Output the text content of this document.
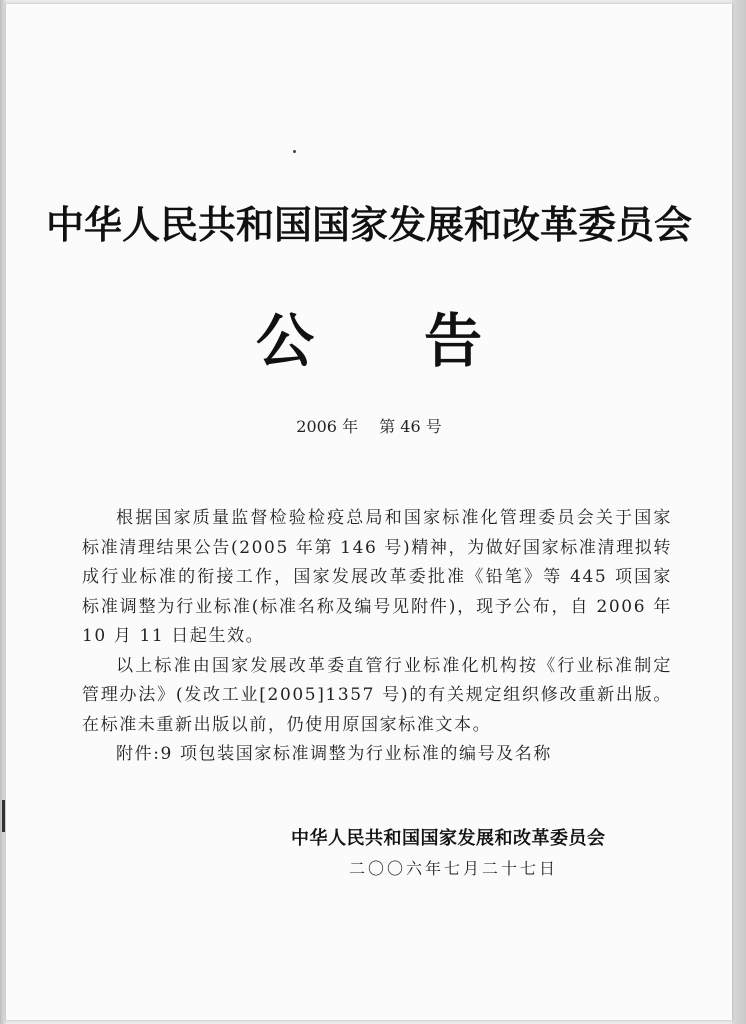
中华人民共和国国家发展和改革委员会
公告
2006 年 第 46 号

根据国家质量监督检验检疫总局和国家标准化管理委员会关于国家标准清理结果公告(2005 年第 146 号)精神，为做好国家标准清理拟转成行业标准的衔接工作，国家发展改革委批准《铅笔》等 445 项国家标准调整为行业标准(标准名称及编号见附件)，现予公布，自 2006 年 10 月 11 日起生效。

以上标准由国家发展改革委直管行业标准化机构按《行业标准制定管理办法》(发改工业[2005]1357 号)的有关规定组织修改重新出版。在标准未重新出版以前，仍使用原国家标准文本。

附件:9 项包装国家标准调整为行业标准的编号及名称

中华人民共和国国家发展和改革委员会
二〇〇六年七月二十七日
